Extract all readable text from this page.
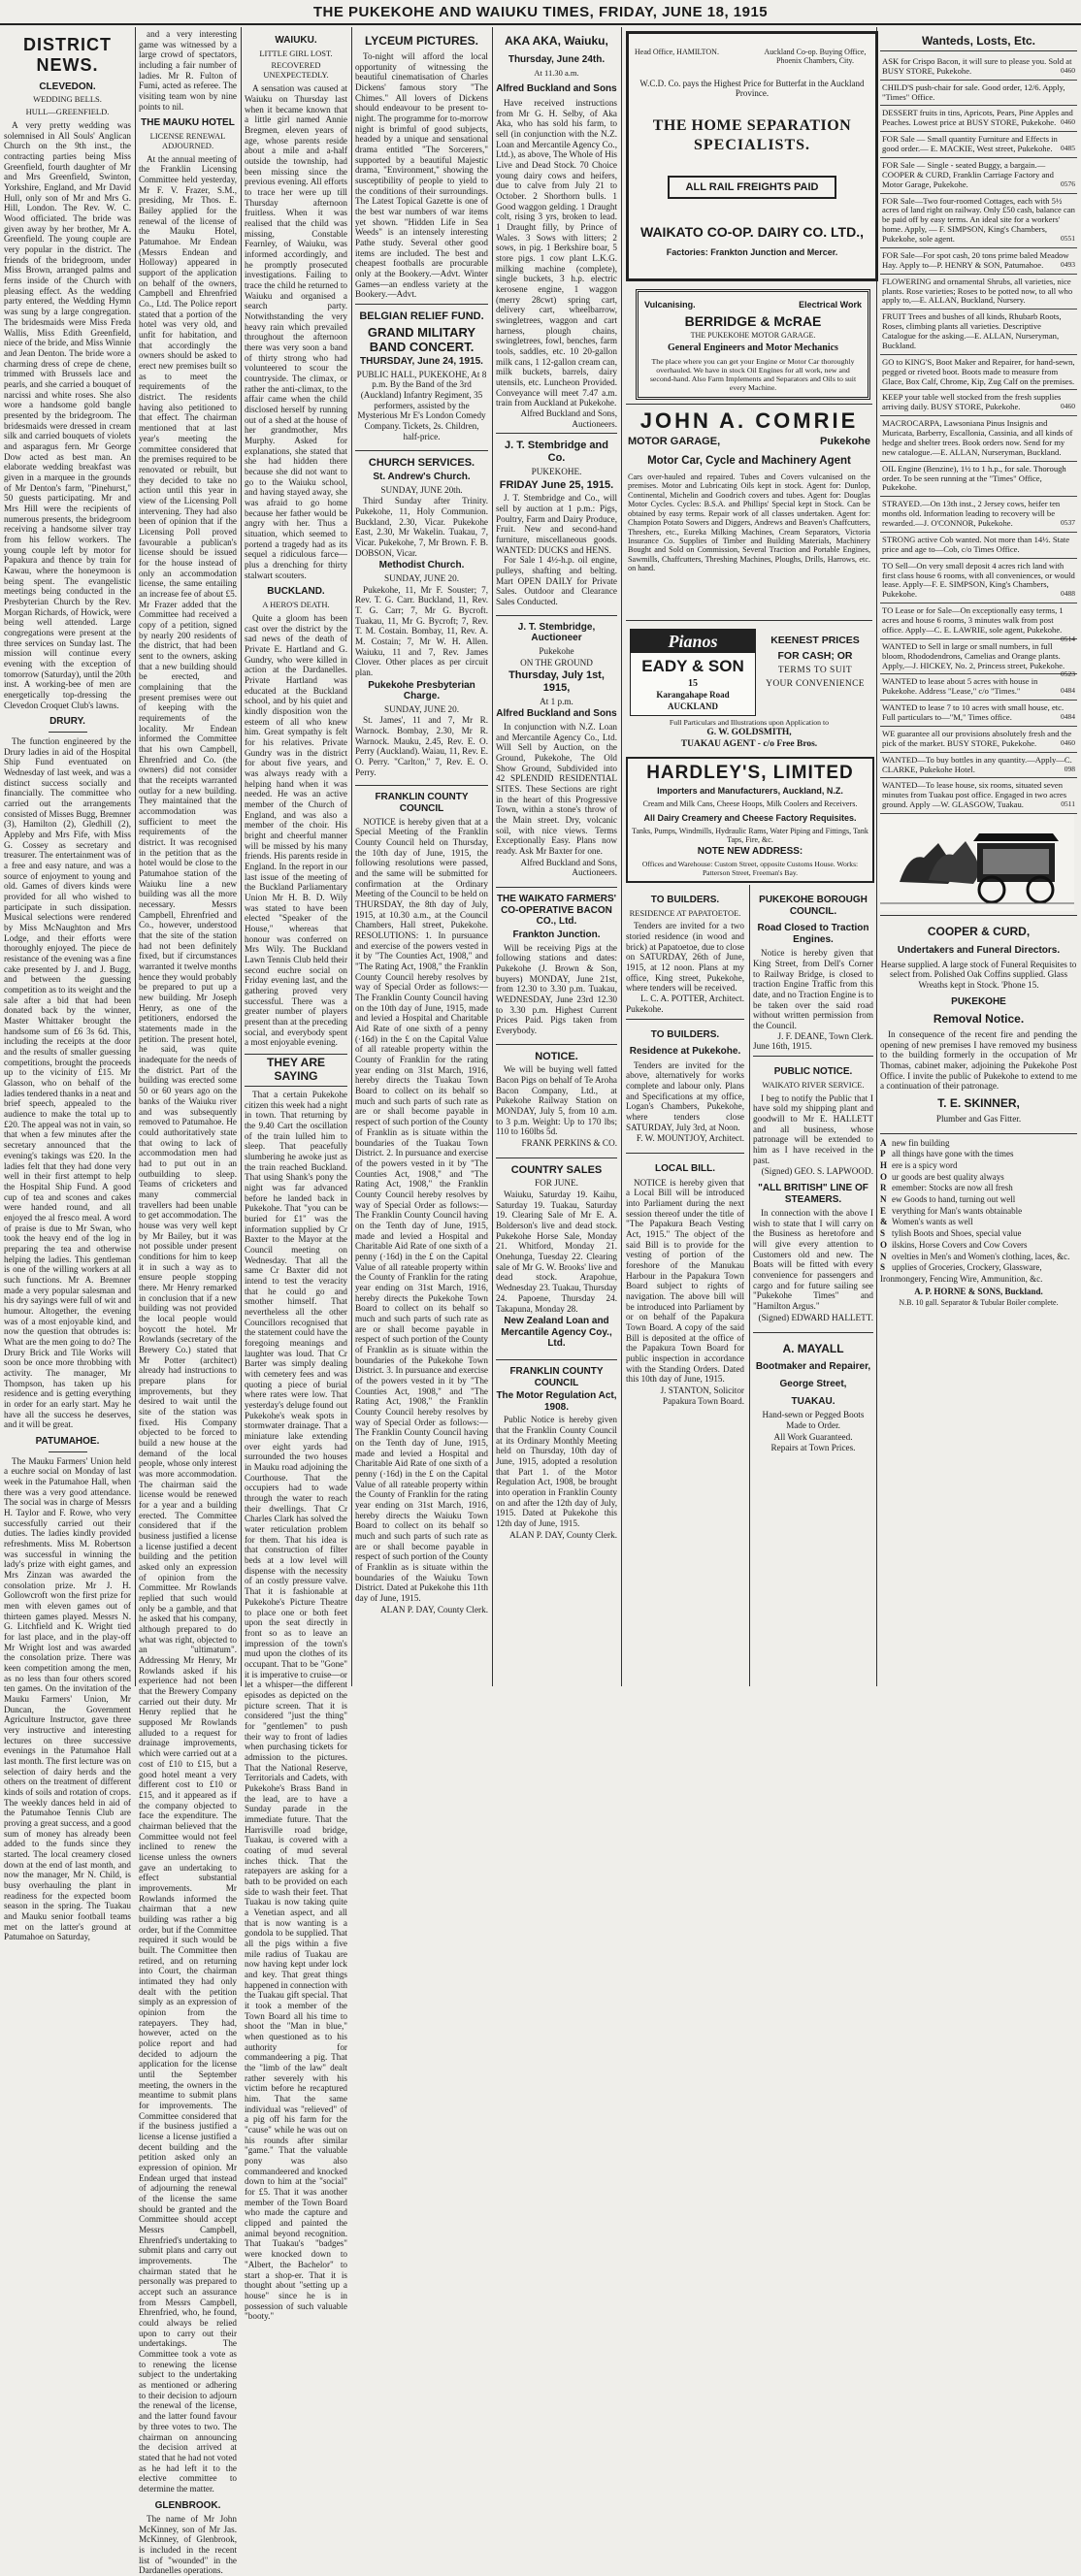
THE PUKEKOHE AND WAIUKU TIMES, FRIDAY, JUNE 18, 1915
DISTRICT NEWS.
CLEVEDON.
WEDDING BELLS.
HULL—GREENFIELD.

A very pretty wedding was solemnised in All Souls' Anglican Church on the 9th inst., the contracting parties being Miss Greenfield, fourth daughter of Mr and Mrs Greenfield, Swinton, Yorkshire, England, and Mr David Hull, only son of Mr and Mrs G. Hill, London. The Rev. W. C. Wood officiated. The bride was given away by her brother, Mr A. Greenfield. The young couple are very popular in the district. The friends of the bridegroom, under Miss Brown, arranged palms and ferns inside of the Church with pleasing effect. As the wedding party entered, the Wedding Hymn was sung by a large congregation. The bridesmaids were Miss Freda Wallis, Miss Edith Greenfield, niece of the bride, and Miss Winnie and Jean Denton. The bride wore a charming dress of crepe de chene, trimmed with Brussels lace and pearls, and she carried a bouquet of narcissi and white roses. She also wore a handsome gold bangle presented by the bridegroom. The bridesmaids were dressed in cream silk and carried bouquets of violets and asparagus fern. Mr George Dow acted as best man. An elaborate wedding breakfast was given in a marquee in the grounds of Mr Denton's farm, "Pinehurst," 50 guests participating. Mr and Mrs Hill were the recipients of numerous presents, the bridegroom receiving a handsome silver tray from his fellow workers. The young couple left by motor for Papakura and thence by train for Kawau, where the honeymoon is being spent. The evangelistic meetings being conducted in the Presbyterian Church by the Rev. Morgan Richards, of Howick, were being well attended. Large congregations were present at the three services on Sunday last. The mission will continue every evening with the exception of tomorrow (Saturday), until the 20th inst. A working-bee of men are energetically top-dressing the Clevedon Croquet Club's lawns.

DRURY.

The function engineered by the Drury ladies in aid of the Hospital Ship Fund eventuated on Wednesday of last week, and was a distinct success socially and financially. The committee who carried out the arrangements consisted of Misses Bugg, Bremner (3), Hamilton (2), Gledhill (2), Appleby and Mrs Fife, with Miss G. Cossey as secretary and treasurer. The entertainment was of a free and easy nature, and was a source of enjoyment to young and old. Games of divers kinds were provided for all who wished to participate in such dissipation. Musical selections were rendered by Miss McNaughton and Mrs Lodge, and their efforts were thoroughly enjoyed. The piece de resistance of the evening was a fine cake presented by J. and J. Bugg, and between the guessing competition as to its weight and the sale after a bid that had been donated back by the winner, Master Whittaker brought the handsome sum of £6 3s 6d. This, including the receipts at the door and the results of smaller guessing competitions, brought the proceeds up to the vicinity of £15. Mr Glasson, who on behalf of the ladies tendered thanks in a neat and brief speech, appealed to the audience to make the total up to £20. The appeal was not in vain, so that when a few minutes after the secretary announced that the evening's takings was £20. In the ladies felt that they had done very well in their first attempt to help the Hospital Ship Fund. A good cup of tea and scones and cakes were handed round, and all enjoyed the al fresco meal. A word of praise is due to Mr Swan, who took the heavy end of the log in preparing the tea and otherwise helping the ladies. This gentleman is one of the willing workers at all such functions. Mr A. Bremner made a very popular salesman and his dry sayings were full of wit and humour. Altogether, the evening was of a most enjoyable kind, and now the question that obtrudes is: What are the men going to do? The Drury Brick and Tile Works will soon be once more throbbing with activity. The manager, Mr Thompson, has taken up his residence and is getting everything in order for an early start. May he have all the success he deserves, and it will be great.

PATUMAHOE.

The Mauku Farmers' Union held a euchre social on Monday of last week in the Patumahoe Hall, when there was a very good attendance. The social was in charge of Messrs H. Taylor and F. Rowe, who very successfully carried out their duties. The ladies kindly provided refreshments. Miss M. Robertson was successful in winning the lady's prize with eight games, and Mrs Zinzan was awarded the consolation prize. Mr J. H. Gollowcroft won the first prize for men with eleven games out of thirteen games played. Messrs N. G. Litchfield and K. Wright tied for last place, and in the play-off Mr Wright lost and was awarded the consolation prize. There was keen competition among the men, as no less than four others scored ten games. On the invitation of the Mauku Farmers' Union, Mr Duncan, the Government Agriculture Instructor, gave three very instructive and interesting lectures on three successive evenings in the Patumahoe Hall last month. The first lecture was on selection of dairy herds and the others on the treatment of different kinds of soils and rotation of crops. The weekly dances held in aid of the Patumahoe Tennis Club are proving a great success, and a good sum of money has already been added to the funds since they started. The local creamery closed down at the end of last month, and now the manager, Mr N. Child, is busy overhauling the plant in readiness for the expected boom season in the spring. The Tuakau and Mauku senior football teams met on the latter's ground at Patumahoe on Saturday,

and a very interesting game was witnessed by a large crowd of spectators, including a fair number of ladies. Mr R. Fulton of Fumi, acted as referee. The visiting team won by nine points to nil.

THE MAUKU HOTEL
LICENSE RENEWAL ADJOURNED.

At the annual meeting of the Franklin Licensing Committee held yesterday, Mr F. V. Frazer, S.M., presiding, Mr Thos. E. Bailey applied for the renewal of the license of the Mauku Hotel, Patumahoe. Mr Endean (Messrs Endean and Holloway) appeared in support of the application on behalf of the owners, Campbell and Ehrenfried Co., Ltd. The Police report stated that a portion of the hotel was very old, and unfit for habitation, and that accordingly the owners should be asked to erect new premises built so as to meet the requirements of the district. The residents having also petitioned to that effect. The chairman mentioned that at last year's meeting the committee considered that the premises required to be renovated or rebuilt, but they decided to take no action until this year in view of the Licensing Poll intervening. They had also been of opinion that if the Licensing Poll proved favourable a publican's license should be issued for the house instead of only an accommodation license, the same entailing an increase fee of about £5. Mr Frazer added that the Committee had received a copy of a petition, signed by nearly 200 residents of the district, that had been sent to the owners, asking that a new building should be erected, and complaining that the present premises were out of keeping with the requirements of the locality. Mr Endean informed the Committee that his own Campbell, Ehrenfried and Co. (the owners) did not consider that the receipts warranted outlay for a new building. They maintained that the accommodation was sufficient to meet the requirements of the district. It was recognised in the petition that as the hotel would be close to the Patumahoe station of the Waiuku line a new building was all the more necessary. Messrs Campbell, Ehrenfried and Co., however, understood that the site of the station had not been definitely fixed, but if circumstances warranted it twelve months hence they would probably be prepared to put up a new building. Mr Joseph Henry, as one of the petitioners, endorsed the statements made in the petition. The present hotel, he said, was quite inadequate for the needs of the district. Part of the building was erected some 50 or 60 years ago on the banks of the Waiuku river and was subsequently removed to Patumahoe. He could authoritatively state that owing to lack of accommodation men had had to put out in an outbuilding to sleep. Teams of cricketers and many commercial travellers had been unable to get accommodation. The house was very well kept by Mr Bailey, but it was not possible under present conditions for him to keep it in such a way as to ensure people stopping there. Mr Henry remarked in conclusion that if a new building was not provided the local people would boycott the hotel. Mr Rowlands (secretary of the Brewery Co.) stated that Mr Potter (architect) already had instructions to prepare plans for improvements, but they desired to wait until the site of the station was fixed. His Company objected to be forced to build a new house at the demand of the local people, whose only interest was more accommodation. The chairman said the license would be renewed for a year and a building erected. The Committee considered that if the business justified a license a license justified a decent building and the petition asked only an expression of opinion from the Committee. Mr Rowlands replied that such would only be a gamble, and that he asked that his company, although prepared to do what was right, objected to an "ultimatum". Addressing Mr Henry, Mr Rowlands asked if his experience had not been that the Brewery Company carried out their duty. Mr Henry replied that he supposed Mr Rowlands alluded to a request for drainage improvements, which were carried out at a cost of £10 to £15, but a good hotel meant a very different cost to £10 or £15, and it appeared as if the company objected to face the expenditure. The chairman believed that the Committee would not feel inclined to renew the license unless the owners gave an undertaking to effect substantial improvements. Mr Rowlands informed the chairman that a new building was rather a big order, but if the Committee required it such would be built. The Committee then retired, and on returning into Court, the chairman intimated they had only dealt with the petition simply as an expression of opinion from the ratepayers. They had, however, acted on the police report and had decided to adjourn the application for the license until the September meeting, the owners in the meantime to submit plans for improvements. The Committee considered that if the business justified a license a license justified a decent building and the petition asked only an expression of opinion. Mr Endean urged that instead of adjourning the renewal of the license the same should be granted and the Committee should accept Messrs Campbell, Ehrenfried's undertaking to submit plans and carry out improvements. The chairman stated that he personally was prepared to accept such an assurance from Messrs Campbell, Ehrenfried, who, he found, could always be relied upon to carry out their undertakings. The Committee took a vote as to renewing the license subject to the undertaking as mentioned or adhering to their decision to adjourn the renewal of the license, and the latter found favour by three votes to two. The chairman on announcing the decision arrived at stated that he had not voted as he had left it to the elective committee to determine the matter.

GLENBROOK.

The name of Mr John McKinney, son of Mr Jas. McKinney, of Glenbrook, is included in the recent list of "wounded" in the Dardanelles operations.

WAIUKU.
LITTLE GIRL LOST.
RECOVERED UNEXPECTEDLY.

A sensation was caused at Waiuku on Thursday last when it became known that a little girl named Annie Bregmen, eleven years of age, whose parents reside about a mile and a-half outside the township, had been missing since the previous evening. All efforts to trace her were up till Thursday afternoon fruitless. When it was realised that the child was missing, Constable Fearnley, of Waiuku, was informed accordingly, and he promptly prosecuted investigations. Failing to trace the child he returned to Waiuku and organised a search party. Notwithstanding the very heavy rain which prevailed throughout the afternoon there was very soon a band of thirty strong who had volunteered to scour the countryside. The climax, or rather the anti-climax, to the affair came when the child disclosed herself by running out of a shed at the house of her grandmother, Mrs Murphy. Asked for explanations, she stated that she had hidden there because she did not want to go to the Waiuku school, and having stayed away, she was afraid to go home because her father would be angry with her. Thus a situation, which seemed to portend a tragedy had as its sequel a ridiculous farce—plus a drenching for thirty stalwart scouters.

BUCKLAND.
A HERO'S DEATH.

Quite a gloom has been cast over the district by the sad news of the death of Private E. Hartland and G. Gundry, who were killed in action at the Dardanelles. Private Hartland was educated at the Buckland school, and by his quiet and kindly disposition won the esteem of all who knew him. Great sympathy is felt for his relatives. Private Gundry was in the district for about five years, and was always ready with a helping hand when it was needed. He was an active member of the Church of England, and was also a member of the choir. His bright and cheerful manner will be missed by his many friends. His parents reside in England. In the report in our last issue of the meeting of the Buckland Parliamentary Union Mr H. B. D. Wily was stated to have been elected "Speaker of the House," whereas that honour was conferred on Mrs Wily. The Buckland Lawn Tennis Club held their second euchre social on Friday evening last, and the gathering proved very successful. There was a greater number of players present than at the preceding social, and everybody spent a most enjoyable evening.

THEY ARE SAYING

That a certain Pukekohe citizen this week had a night in town. That returning by the 9.40 Cart the oscillation of the train lulled him to sleep. That peacefully slumbering he awoke just as the train reached Buckland. That using Shank's pony the night was far advanced before he landed back in Pukekohe. That "you can be buried for £1" was the information supplied by Cr Baxter to the Mayor at the Council meeting on Wednesday. That all the same Cr Baxter did not intend to test the veracity that he could go and smother himself. That nevertheless all the other Councillors recognised that the statement could have the foregoing meanings and laughter was loud. That Cr Barter was simply dealing with cemetery fees and was quoting a piece of burial where rates were low. That yesterday's deluge found out Pukekohe's weak spots in stormwater drainage. That a miniature lake extending over eight yards had surrounded the two houses in Mauku road adjoining the Courthouse. That the occupiers had to wade through the water to reach their dwellings. That Cr Charles Clark has solved the water reticulation problem for them. That his idea is that construction of filter beds at a low level will dispense with the necessity of an costly pressure valve. That it is fashionable at Pukekohe's Picture Theatre to place one or both feet upon the seat directly in front so as to leave an impression of the town's mud upon the clothes of its occupant. That to be "Gone" it is imperative to cruise—or let a whisper—the different episodes as depicted on the picture screen. That it is considered "just the thing" for "gentlemen" to push their way to front of ladies when purchasing tickets for admission to the pictures. That the National Reserve, Territorials and Cadets, with Pukekohe's Brass Band in the lead, are to have a Sunday parade in the immediate future. That the Harrisville road bridge, Tuakau, is covered with a coating of mud several inches thick. That the ratepayers are asking for a bath to be provided on each side to wash their feet. That Tuakau is now taking quite a Venetian aspect, and all that is now wanting is a gondola to be supplied. That all the pigs within a five mile radius of Tuakau are now having kept under lock and key. That great things happened in connection with the Tuakau gift special. That it took a member of the Town Board all his time to shoot the "Man in blue," when questioned as to his authority for commandeering a pig. That the "limb of the law" dealt rather severely with his victim before he recaptured him. That the same individual was "relieved" of a pig off his farm for the "cause" while he was out on his rounds after similar "game." That the valuable pony was also commandeered and knocked down to him at the "social" for £5. That it was another member of the Town Board who made the capture and clipped and painted the animal beyond recognition. That Tuakau's "badges" were knocked down to "Albert, the Bachelor" to start a shop-er. That it is thought about "setting up a house" since he is in possession of such valuable "booty."

LYCEUM PICTURES.

To-night will afford the local opportunity of witnessing the beautiful cinematisation of Charles Dickens' famous story "The Chimes." All lovers of Dickens should endeavour to be present to-night. The programme for to-morrow night is brimful of good subjects, headed by a unique and sensational drama entitled "The Sorcerers," supported by a beautiful Majestic drama, "Environment," showing the susceptibility of people to yield to the conditions of their surroundings. The Latest Topical Gazette is one of the best war numbers of war items yet shown. "Hidden Life in Sea Weeds" is an intensely interesting Pathe study. Several other good items are included. The best and cheapest footballs are procurable only at the Bookery.—Advt. Winter Games—an endless variety at the Bookery.—Advt.

BELGIAN RELIEF FUND.
GRAND MILITARY BAND CONCERT.
THURSDAY, June 24, 1915.
PUBLIC HALL, PUKEKOHE, At 8 p.m. By the Band of the 3rd (Auckland) Infantry Regiment, 35 performers, assisted by the Mysterious Mr E's London Comedy Company. Tickets, 2s. Children, half-price.
CHURCH SERVICES.
St. Andrew's Church.
SUNDAY, JUNE 20th.

Third Sunday after Trinity. Pukekohe, 11, Holy Communion. Buckland, 2.30, Vicar. Pukekohe East, 2.30, Mr Wakelin. Tuakau, 7, Vicar. Pukekohe, 7, Mr Brown. F. B. DOBSON, Vicar.

Methodist Church.
SUNDAY, JUNE 20.

Pukekohe, 11, Mr F. Souster; 7, Rev. T. G. Carr. Buckland, 11, Rev. T. G. Carr; 7, Mr G. Bycroft. Tuakau, 11, Mr G. Bycroft; 7, Rev. T. M. Costain. Bombay, 11, Rev. A. M. Costain; 7, Mr W. H. Allen. Waiuku, 11 and 7, Rev. James Clover. Other places as per circuit plan.

Pukekohe Presbyterian Charge.
SUNDAY, JUNE 20.

St. James', 11 and 7, Mr R. Warnock. Bombay, 2.30, Mr R. Warnock. Mauku, 2.45, Rev. E. O. Perry (Auckland). Waiau, 11, Rev. E. O. Perry. "Carlton," 7, Rev. E. O. Perry.

FRANKLIN COUNTY COUNCIL

NOTICE is hereby given that at a Special Meeting of the Franklin County Council held on Thursday, the 10th day of June, 1915, the following resolutions were passed, and the same will be submitted for confirmation at the Ordinary Meeting of the Council to be held on THURSDAY, the 8th day of July, 1915, at 10.30 a.m., at the Council Chambers, Hall street, Pukekohe. RESOLUTIONS: 1. In pursuance and exercise of the powers vested in it by "The Counties Act, 1908," and "The Rating Act, 1908," the Franklin County Council hereby resolves by way of Special Order as follows:— The Franklin County Council having on the 10th day of June, 1915, made and levied a Hospital and Charitable Aid Rate of one sixth of a penny (·16d) in the £ on the Capital Value of all rateable property within the County of Franklin for the rating year ending on 31st March, 1916, hereby directs the Tuakau Town Board to collect on its behalf so much and such parts of such rate as are or shall become payable in respect of such portion of the County of Franklin as is situate within the boundaries of the Tuakau Town District. 2. In pursuance and exercise of the powers vested in it by "The Counties Act, 1908," and "The Rating Act, 1908," the Franklin County Council hereby resolves by way of Special Order as follows:— The Franklin County Council having on the Tenth day of June, 1915, made and levied a Hospital and Charitable Aid Rate of one sixth of a penny (·16d) in the £ on the Capital Value of all rateable property within the County of Franklin for the rating year ending on 31st March, 1916, hereby directs the Pukekohe Town Board to collect on its behalf so much and such parts of such rate as are or shall become payable in respect of such portion of the County of Franklin as is situate within the boundaries of the Pukekohe Town District. 3. In pursuance and exercise of the powers vested in it by "The Counties Act, 1908," and "The Rating Act, 1908," the Franklin County Council hereby resolves by way of Special Order as follows:— The Franklin County Council having on the Tenth day of June, 1915, made and levied a Hospital and Charitable Aid Rate of one sixth of a penny (·16d) in the £ on the Capital Value of all rateable property within the County of Franklin for the rating year ending on 31st March, 1916, hereby directs the Waiuku Town Board to collect on its behalf so much and such parts of such rate as are or shall become payable in respect of such portion of the County of Franklin as is situate within the boundaries of the Waiuku Town District. Dated at Pukekohe this 11th day of June, 1915.

ALAN P. DAY, County Clerk.
AKA AKA, Waiuku,
Thursday, June 24th.
At 11.30 a.m.
Alfred Buckland and Sons

Have received instructions from Mr G. H. Selby, of Aka Aka, who has sold his farm, to sell (in conjunction with the N.Z. Loan and Mercantile Agency Co., Ltd.), as above, The Whole of His Live and Dead Stock. 70 Choice young dairy cows and heifers, due to calve from July 21 to October. 2 Shorthorn bulls. 1 Good waggon gelding. 1 Draught colt, rising 3 yrs, broken to lead. 1 Draught filly, by Prince of Wales. 3 Sows with litters; 2 sows, in pig. 1 Berkshire boar, 5 store pigs. 1 cow plant L.K.G. milking machine (complete), single buckets, 3 h.p. electric kerosene engine, 1 waggon (merry 28cwt) spring cart, delivery cart, wheelbarrow, swingletrees, waggon and cart harness, plough chains, swingletrees, fowl, benches, farm tools, saddles, etc. 10 20-gallon milk cans, 1 12-gallon cream can, milk buckets, barrels, dairy utensils, etc. Luncheon Provided. Conveyance will meet 7.47 a.m. train from Auckland at Pukekohe.

Alfred Buckland and Sons, Auctioneers.
J. T. Stembridge and Co.
PUKEKOHE.
FRIDAY June 25, 1915.

J. T. Stembridge and Co., will sell by auction at 1 p.m.: Pigs, Poultry, Farm and Dairy Produce, Fruit. New and second-hand furniture, miscellaneous goods. WANTED: DUCKS and HENS.

For Sale 1 4½-h.p. oil engine, pulleys, shafting and belting. Mart OPEN DAILY for Private Sales. Outdoor and Clearance Sales Conducted.

J. T. Stembridge, Auctioneer
Pukekohe
ON THE GROUND
Thursday, July 1st, 1915,
At 1 p.m.
Alfred Buckland and Sons

In conjunction with N.Z. Loan and Mercantile Agency Co., Ltd. Will Sell by Auction, on the Ground, Pukekohe, The Old Show Ground, Subdivided into 42 SPLENDID RESIDENTIAL SITES. These Sections are right in the heart of this Progressive Town, within a stone's throw of the Main street. Dry, volcanic soil, with nice views. Terms Exceptionally Easy. Plans now ready. Ask Mr Baxter for one.

Alfred Buckland and Sons, Auctioneers.
THE WAIKATO FARMERS' CO-OPERATIVE BACON CO., Ltd.
Frankton Junction.

Will be receiving Pigs at the following stations and dates: Pukekohe (J. Brown & Son, buyers) MONDAY, June 21st, from 12.30 to 3.30 p.m. Tuakau, WEDNESDAY, June 23rd 12.30 to 3.30 p.m. Highest Current Prices Paid. Pigs taken from Everybody.

NOTICE.

We will be buying well fatted Bacon Pigs on behalf of Te Aroha Bacon Company, Ltd., at Pukekohe Railway Station on MONDAY, July 5, from 10 a.m. to 3 p.m. Weight: Up to 170 lbs; 110 to 160lbs 5d.

FRANK PERKINS & CO.
COUNTRY SALES
FOR JUNE.

Waiuku, Saturday 19. Kaihu, Saturday 19. Tuakau, Saturday 19. Clearing Sale of Mr E. A. Bolderson's live and dead stock. Pukekohe Horse Sale, Monday 21. Whitford, Monday 21. Onehunga, Tuesday 22. Clearing sale of Mr G. W. Brooks' live and dead stock. Arapohue, Wednesday 23. Tuakau, Thursday 24. Papoene, Thursday 24. Takapuna, Monday 28.

New Zealand Loan and Mercantile Agency Coy., Ltd.
FRANKLIN COUNTY COUNCIL
The Motor Regulation Act, 1908.

Public Notice is hereby given that the Franklin County Council at its Ordinary Monthly Meeting held on Thursday, 10th day of June, 1915, adopted a resolution that Part 1. of the Motor Regulation Act, 1908, be brought into operation in Franklin County on and after the 12th day of July, 1915. Dated at Pukekohe this 12th day of June, 1915.

ALAN P. DAY, County Clerk.
Head Office, HAMILTON.	Auckland Co-op. Buying Office, Phoenix Chambers, City.
W.C.D. Co. pays the Highest Price for Butterfat in the Auckland Province.
THE HOME SEPARATION
SPECIALISTS.
ALL RAIL FREIGHTS PAID
WAIKATO CO-OP. DAIRY CO. LTD.,
Factories: Frankton Junction and Mercer.
Vulcanising.	Electrical Work
BERRIDGE & McRAE
THE PUKEKOHE MOTOR GARAGE.
General Engineers and Motor Mechanics
The place where you can get your Engine or Motor Car thoroughly overhauled. We have in stock Oil Engines for all work, new and second-hand. Also Farm Implements and Separators and Oils to suit every Machine.
JOHN A. COMRIE
MOTOR GARAGE,	Pukekohe
Motor Car, Cycle and Machinery Agent
Cars over-hauled and repaired. Tubes and Covers vulcanised on the premises. Motor and Lubricating Oils kept in stock. Agent for: Dunlop, Continental, Michelin and Goodrich covers and tubes. Agent for: Douglas Motor Cycles. Cycles: B.S.A. and Phillips' Special kept in Stock. Can be obtained by easy terms. Repair work of all classes undertaken. Agent for: Champion Potato Sowers and Diggers, Andrews and Beaven's Chaffcutters, Threshers, etc., Eureka Milking Machines, Cream Separators, Victoria Insurance Co. Supplies of Timber and Building Materials, Machinery Bought and Sold on Commission, Several Traction and Portable Engines, Sawmills, Chaffcutters, Threshing Machines, Ploughs, Drills, Harrows, etc. on hand.
Pianos
EADY & SON
15
Karangahape Road
AUCKLAND
KEENEST PRICES
FOR CASH; OR
TERMS TO SUIT
YOUR CONVENIENCE
Full Particulars and Illustrations upon Application to
G. W. GOLDSMITH,
TUAKAU AGENT - c/o Free Bros.
HARDLEY'S, LIMITED
Importers and Manufacturers, Auckland, N.Z.
Cream and Milk Cans, Cheese Hoops, Milk Coolers and Receivers.
All Dairy Creamery and Cheese Factory Requisites.
Tanks, Pumps, Windmills, Hydraulic Rams, Water Piping and Fittings, Tank Taps, Fire, &c.
NOTE NEW ADDRESS:
Offices and Warehouse: Custom Street, opposite Customs House. Works: Patterson Street, Freeman's Bay.
TO BUILDERS.
RESIDENCE AT PAPATOETOE.

Tenders are invited for a two storied residence (in wood and brick) at Papatoetoe, due to close on SATURDAY, 26th of June, 1915, at 12 noon. Plans at my office, King street, Pukekohe, where tenders will be received.

L. C. A. POTTER, Architect.
Pukekohe.
TO BUILDERS.
Residence at Pukekohe.

Tenders are invited for the above, alternatively for works complete and labour only. Plans and Specifications at my office, Logan's Chambers, Pukekohe, where tenders close SATURDAY, July 3rd, at Noon.

F. W. MOUNTJOY, Architect.
LOCAL BILL.

NOTICE is hereby given that a Local Bill will be introduced into Parliament during the next session thereof under the title of "The Papakura Beach Vesting Act, 1915." The object of the said Bill is to provide for the vesting of portion of the foreshore of the Manukau Harbour in the Papakura Town Board subject to rights of navigation. The above bill will be introduced into Parliament by or on behalf of the Papakura Town Board. A copy of the said Bill is deposited at the office of the Papakura Town Board for public inspection in accordance with the Standing Orders. Dated this 10th day of June, 1915.

J. STANTON, Solicitor Papakura Town Board.
PUKEKOHE BOROUGH COUNCIL.
Road Closed to Traction Engines.

Notice is hereby given that King Street, from Dell's Corner to Railway Bridge, is closed to traction Engine Traffic from this date, and no Traction Engine is to be taken over the said road without written permission from the Council.

J. F. DEANE, Town Clerk.
June 16th, 1915.
PUBLIC NOTICE.
WAIKATO RIVER SERVICE.

I beg to notify the Public that I have sold my shipping plant and goodwill to Mr E. HALLETT and all business, whose patronage will be extended to him as I have received in the past.

(Signed) GEO. S. LAPWOOD.
"ALL BRITISH" LINE OF STEAMERS.

In connection with the above I wish to state that I will carry on the Business as heretofore and will give every attention to Customers old and new. The Boats will be fitted with every convenience for passengers and cargo and for future sailing see "Pukekohe Times" and "Hamilton Argus."

(Signed) EDWARD HALLETT.
A. MAYALL
Bootmaker and Repairer,
George Street,
TUAKAU.
Hand-sewn or Pegged Boots Made to Order.
All Work Guaranteed.
Repairs at Town Prices.
Wanteds, Losts, Etc.
ASK for Crispo Bacon, it will sure to please you. Sold at BUSY STORE, Pukekohe.	0460
CHILD'S push-chair for sale. Good order, 12/6. Apply, "Times" Office.
DESSERT fruits in tins, Apricots, Pears, Pine Apples and Peaches. Lowest price at BUSY STORE, Pukekohe. 0460
FOR Sale — Small quantity Furniture and Effects in good order.— E. MACKIE, West street, Pukekohe. 0485
FOR Sale — Single - seated Buggy, a bargain.—COOPER & CURD, Franklin Carriage Factory and Motor Garage, Pukekohe.	0576
FOR Sale—Two four-roomed Cottages, each with 5½ acres of land right on railway. Only £50 cash, balance can be paid off by easy terms. An ideal site for a workers' home. Apply, — F. SIMPSON, King's Chambers, Pukekohe, sole agent.	0551
FOR Sale—For spot cash, 20 tons prime baled Meadow Hay. Apply to—P. HENRY & SON, Patumahoe. 0493
FLOWERING and ornamental Shrubs, all varieties, nice plants. Rose varieties; Roses to be potted now, to all who apply to,—E. ALLAN, Buckland, Nursery.
FRUIT Trees and bushes of all kinds, Rhubarb Roots, Roses, climbing plants all varieties. Descriptive Catalogue for the asking.—E. ALLAN, Nurseryman, Buckland.
GO to KING'S, Boot Maker and Repairer, for hand-sewn, pegged or riveted boot. Boots made to measure from Glace, Box Calf, Chrome, Kip, Zug Calf on the premises.
KEEP your table well stocked from the fresh supplies arriving daily. BUSY STORE, Pukekohe.	0460
MACROCARPA, Lawsoniana Pinus Insignis and Muricata, Barberry, Escallonia, Cassinia, and all kinds of hedge and shelter trees. Book orders now. Send for my new catalogue.—E. ALLAN, Nurseryman, Buckland.
OIL Engine (Benzine), 1½ to 1 h.p., for sale. Thorough order. To be seen running at the "Times" Office, Pukekohe.
STRAYED.—On 13th inst., 2 Jersey cows, heifer ten months old. Information leading to recovery will be rewarded.—J. O'CONNOR, Pukekohe.	0537
STRONG active Cob wanted. Not more than 14½. State price and age to—Cob, c/o Times Office.
TO Sell—On very small deposit 4 acres rich land with first class house 6 rooms, with all conveniences, or would lease. Apply—F. E. SIMPSON, King's Chambers, Pukekohe.	0488
TO Lease or for Sale—On exceptionally easy terms, 1 acres and house 6 rooms, 3 minutes walk from post office. Apply—C. E. LAWRIE, sole agent, Pukekohe.
0514
WANTED to Sell in large or small numbers, in full bloom, Rhododendrons, Camelias and Orange plants. Apply,—J. HICKEY, No. 2, Princess street, Pukekohe.
0523
WANTED to lease about 5 acres with house in Pukekohe. Address "Lease," c/o "Times."	0484
WANTED to lease 7 to 10 acres with small house, etc. Full particulars to—"M," Times office.	0484
WE guarantee all our provisions absolutely fresh and the pick of the market. BUSY STORE, Pukekohe.	0460
WANTED—To buy bottles in any quantity.—Apply—C. CLARKE, Pukekohe Hotel.	098
WANTED—To lease house, six rooms, situated seven minutes from Tuakau post office. Engaged in two acres ground. Apply —W. GLASGOW, Tuakau.	0511
COOPER & CURD,
Undertakers and Funeral Directors.
Hearse supplied. A large stock of Funeral Requisites to select from. Polished Oak Coffins supplied. Glass Wreaths kept in Stock. 'Phone 15.
PUKEKOHE
Removal Notice.

In consequence of the recent fire and pending the opening of new premises I have removed my business to the building formerly in the occupation of Mr Thomas, cabinet maker, adjoining the Pukekohe Post Office. I invite the public of Pukekohe to extend to me a continuation of their patronage.

T. E. SKINNER,
Plumber and Gas Fitter.
A new fin building
P all things have gone with the times
H ere is a spicy word
O ur goods are best quality always
R emember: Stocks are now all fresh
N ew Goods to hand, turning out well
E verything for Man's wants obtainable
& Women's wants as well
S tylish Boots and Shoes, special value
O ilskins, Horse Covers and Cow Covers
N ovelties in Men's and Women's clothing, laces, &c.
S upplies of Groceries, Crockery, Glassware, Ironmongery, Fencing Wire, Ammunition, &c.
A. P. HORNE & SONS, Buckland.
N.B. 10 gall. Separator & Tubular Boiler complete.
